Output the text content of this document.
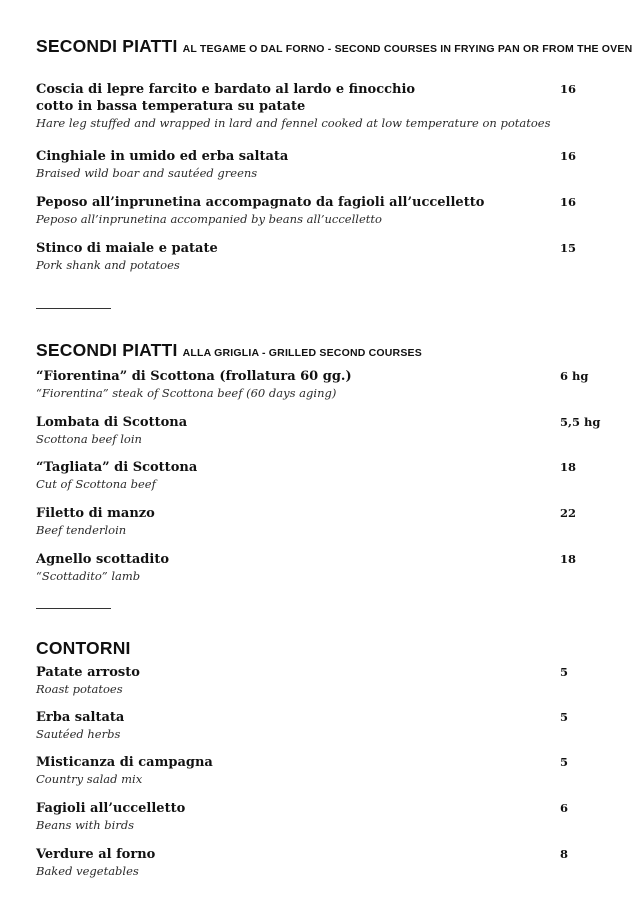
SECONDI PIATTI AL TEGAME O DAL FORNO - SECOND COURSES IN FRYING PAN OR FROM THE OVEN
Coscia di lepre farcito e bardato al lardo e finocchio cotto in bassa temperatura su patate
Hare leg stuffed and wrapped in lard and fennel cooked at low temperature on potatoes
16
Cinghiale in umido ed erba saltata
Braised wild boar and sautéed greens
16
Peposo all’inprunetina accompagnato da fagioli all’uccelletto
Peposo all’inprunetina accompanied by beans all’uccelletto
16
Stinco di maiale e patate
Pork shank and potatoes
15
SECONDI PIATTI ALLA GRIGLIA - GRILLED SECOND COURSES
“Fiorentina” di Scottona (frollatura 60 gg.)
“Fiorentina” steak of Scottona beef (60 days aging)
6 hg
Lombata di Scottona
Scottona beef loin
5,5 hg
“Tagliata” di Scottona
Cut of Scottona beef
18
Filetto di manzo
Beef tenderloin
22
Agnello scottadito
“Scottadito” lamb
18
CONTORNI
Patate arrosto
Roast potatoes
5
Erba saltata
Sautéed herbs
5
Misticanza di campagna
Country salad mix
5
Fagioli all’uccelletto
Beans with birds
6
Verdure al forno
Baked vegetables
8
